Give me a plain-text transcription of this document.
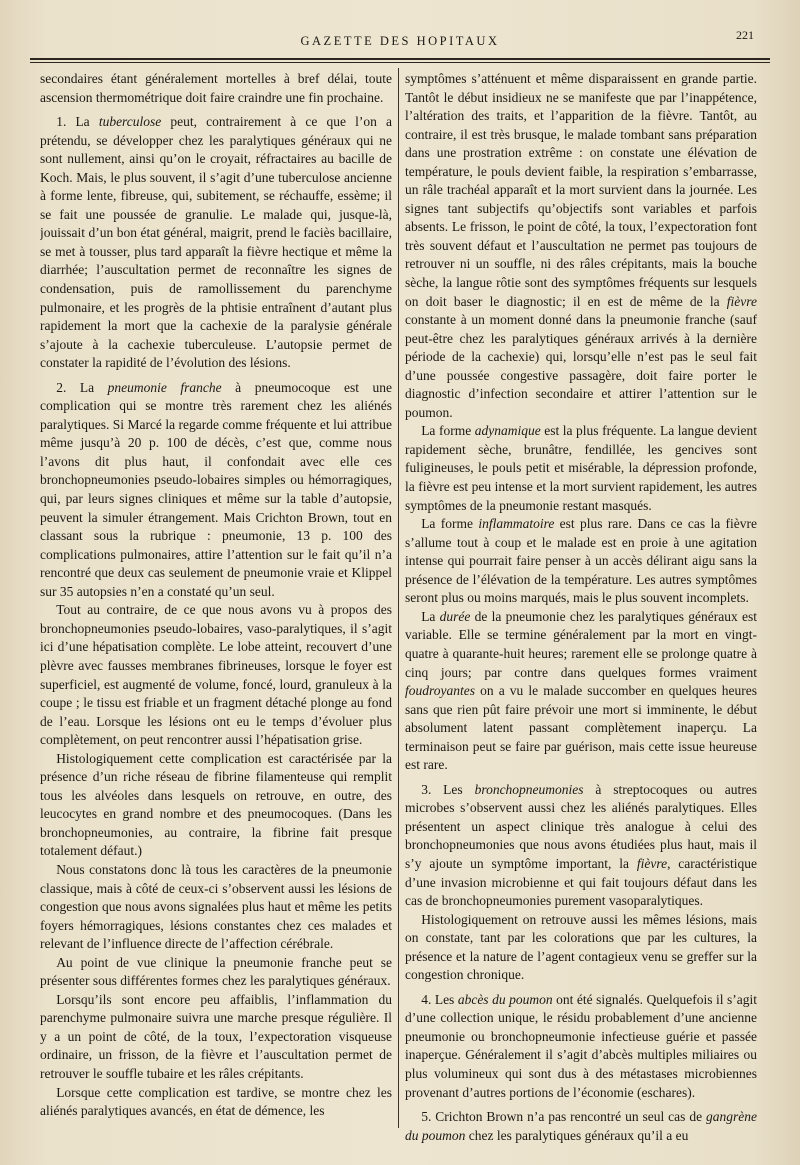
GAZETTE DES HOPITAUX	221

secondaires étant généralement mortelles à bref délai, toute ascension thermométrique doit faire craindre une fin prochaine.

1. La tuberculose peut, contrairement à ce que l’on a prétendu, se développer chez les paralytiques généraux qui ne sont nullement, ainsi qu’on le croyait, réfractaires au bacille de Koch. Mais, le plus souvent, il s’agit d’une tuberculose ancienne à forme lente, fibreuse, qui, subitement, se réchauffe, essème; il se fait une poussée de granulie. Le malade qui, jusque-là, jouissait d’un bon état général, maigrit, prend le faciès bacillaire, se met à tousser, plus tard apparaît la fièvre hectique et même la diarrhée; l’auscultation permet de reconnaître les signes de condensation, puis de ramollissement du parenchyme pulmonaire, et les progrès de la phtisie entraînent d’autant plus rapidement la mort que la cachexie de la paralysie générale s’ajoute à la cachexie tuberculeuse. L’autopsie permet de constater la rapidité de l’évolution des lésions.

2. La pneumonie franche à pneumocoque est une complication qui se montre très rarement chez les aliénés paralytiques. Si Marcé la regarde comme fréquente et lui attribue même jusqu’à 20 p. 100 de décès, c’est que, comme nous l’avons dit plus haut, il confondait avec elle ces bronchopneumonies pseudo-lobaires simples ou hémorragiques, qui, par leurs signes cliniques et même sur la table d’autopsie, peuvent la simuler étrangement. Mais Crichton Brown, tout en classant sous la rubrique : pneumonie, 13 p. 100 des complications pulmonaires, attire l’attention sur le fait qu’il n’a rencontré que deux cas seulement de pneumonie vraie et Klippel sur 35 autopsies n’en a constaté qu’un seul.

Tout au contraire, de ce que nous avons vu à propos des bronchopneumonies pseudo-lobaires, vaso-paralytiques, il s’agit ici d’une hépatisation complète. Le lobe atteint, recouvert d’une plèvre avec fausses membranes fibrineuses, lorsque le foyer est superficiel, est augmenté de volume, foncé, lourd, granuleux à la coupe ; le tissu est friable et un fragment détaché plonge au fond de l’eau. Lorsque les lésions ont eu le temps d’évoluer plus complètement, on peut rencontrer aussi l’hépatisation grise.

Histologiquement cette complication est caractérisée par la présence d’un riche réseau de fibrine filamenteuse qui remplit tous les alvéoles dans lesquels on retrouve, en outre, des leucocytes en grand nombre et des pneumocoques. (Dans les bronchopneumonies, au contraire, la fibrine fait presque totalement défaut.)

Nous constatons donc là tous les caractères de la pneumonie classique, mais à côté de ceux-ci s’observent aussi les lésions de congestion que nous avons signalées plus haut et même les petits foyers hémorragiques, lésions constantes chez ces malades et relevant de l’influence directe de l’affection cérébrale.

Au point de vue clinique la pneumonie franche peut se présenter sous différentes formes chez les paralytiques généraux.

Lorsqu’ils sont encore peu affaiblis, l’inflammation du parenchyme pulmonaire suivra une marche presque régulière. Il y a un point de côté, de la toux, l’expectoration visqueuse ordinaire, un frisson, de la fièvre et l’auscultation permet de retrouver le souffle tubaire et les râles crépitants.

Lorsque cette complication est tardive, se montre chez les aliénés paralytiques avancés, en état de démence, les

symptômes s’atténuent et même disparaissent en grande partie. Tantôt le début insidieux ne se manifeste que par l’inappétence, l’altération des traits, et l’apparition de la fièvre. Tantôt, au contraire, il est très brusque, le malade tombant sans préparation dans une prostration extrême : on constate une élévation de température, le pouls devient faible, la respiration s’embarrasse, un râle trachéal apparaît et la mort survient dans la journée. Les signes tant subjectifs qu’objectifs sont variables et parfois absents. Le frisson, le point de côté, la toux, l’expectoration font très souvent défaut et l’auscultation ne permet pas toujours de retrouver ni un souffle, ni des râles crépitants, mais la bouche sèche, la langue rôtie sont des symptômes fréquents sur lesquels on doit baser le diagnostic; il en est de même de la fièvre constante à un moment donné dans la pneumonie franche (sauf peut-être chez les paralytiques généraux arrivés à la dernière période de la cachexie) qui, lorsqu’elle n’est pas le seul fait d’une poussée congestive passagère, doit faire porter le diagnostic d’infection secondaire et attirer l’attention sur le poumon.

La forme adynamique est la plus fréquente. La langue devient rapidement sèche, brunâtre, fendillée, les gencives sont fuligineuses, le pouls petit et misérable, la dépression profonde, la fièvre est peu intense et la mort survient rapidement, les autres symptômes de la pneumonie restant masqués.

La forme inflammatoire est plus rare. Dans ce cas la fièvre s’allume tout à coup et le malade est en proie à une agitation intense qui pourrait faire penser à un accès délirant aigu sans la présence de l’élévation de la température. Les autres symptômes seront plus ou moins marqués, mais le plus souvent incomplets.

La durée de la pneumonie chez les paralytiques généraux est variable. Elle se termine généralement par la mort en vingt-quatre à quarante-huit heures; rarement elle se prolonge quatre à cinq jours; par contre dans quelques formes vraiment foudroyantes on a vu le malade succomber en quelques heures sans que rien pût faire prévoir une mort si imminente, le début absolument latent passant complètement inaperçu. La terminaison peut se faire par guérison, mais cette issue heureuse est rare.

3. Les bronchopneumonies à streptocoques ou autres microbes s’observent aussi chez les aliénés paralytiques. Elles présentent un aspect clinique très analogue à celui des bronchopneumonies que nous avons étudiées plus haut, mais il s’y ajoute un symptôme important, la fièvre, caractéristique d’une invasion microbienne et qui fait toujours défaut dans les cas de bronchopneumonies purement vasoparalytiques.

Histologiquement on retrouve aussi les mêmes lésions, mais on constate, tant par les colorations que par les cultures, la présence et la nature de l’agent contagieux venu se greffer sur la congestion chronique.

4. Les abcès du poumon ont été signalés. Quelquefois il s’agit d’une collection unique, le résidu probablement d’une ancienne pneumonie ou bronchopneumonie infectieuse guérie et passée inaperçue. Généralement il s’agit d’abcès multiples miliaires ou plus volumineux qui sont dus à des métastases microbiennes provenant d’autres portions de l’économie (eschares).

5. Crichton Brown n’a pas rencontré un seul cas de gangrène du poumon chez les paralytiques généraux qu’il a eu
